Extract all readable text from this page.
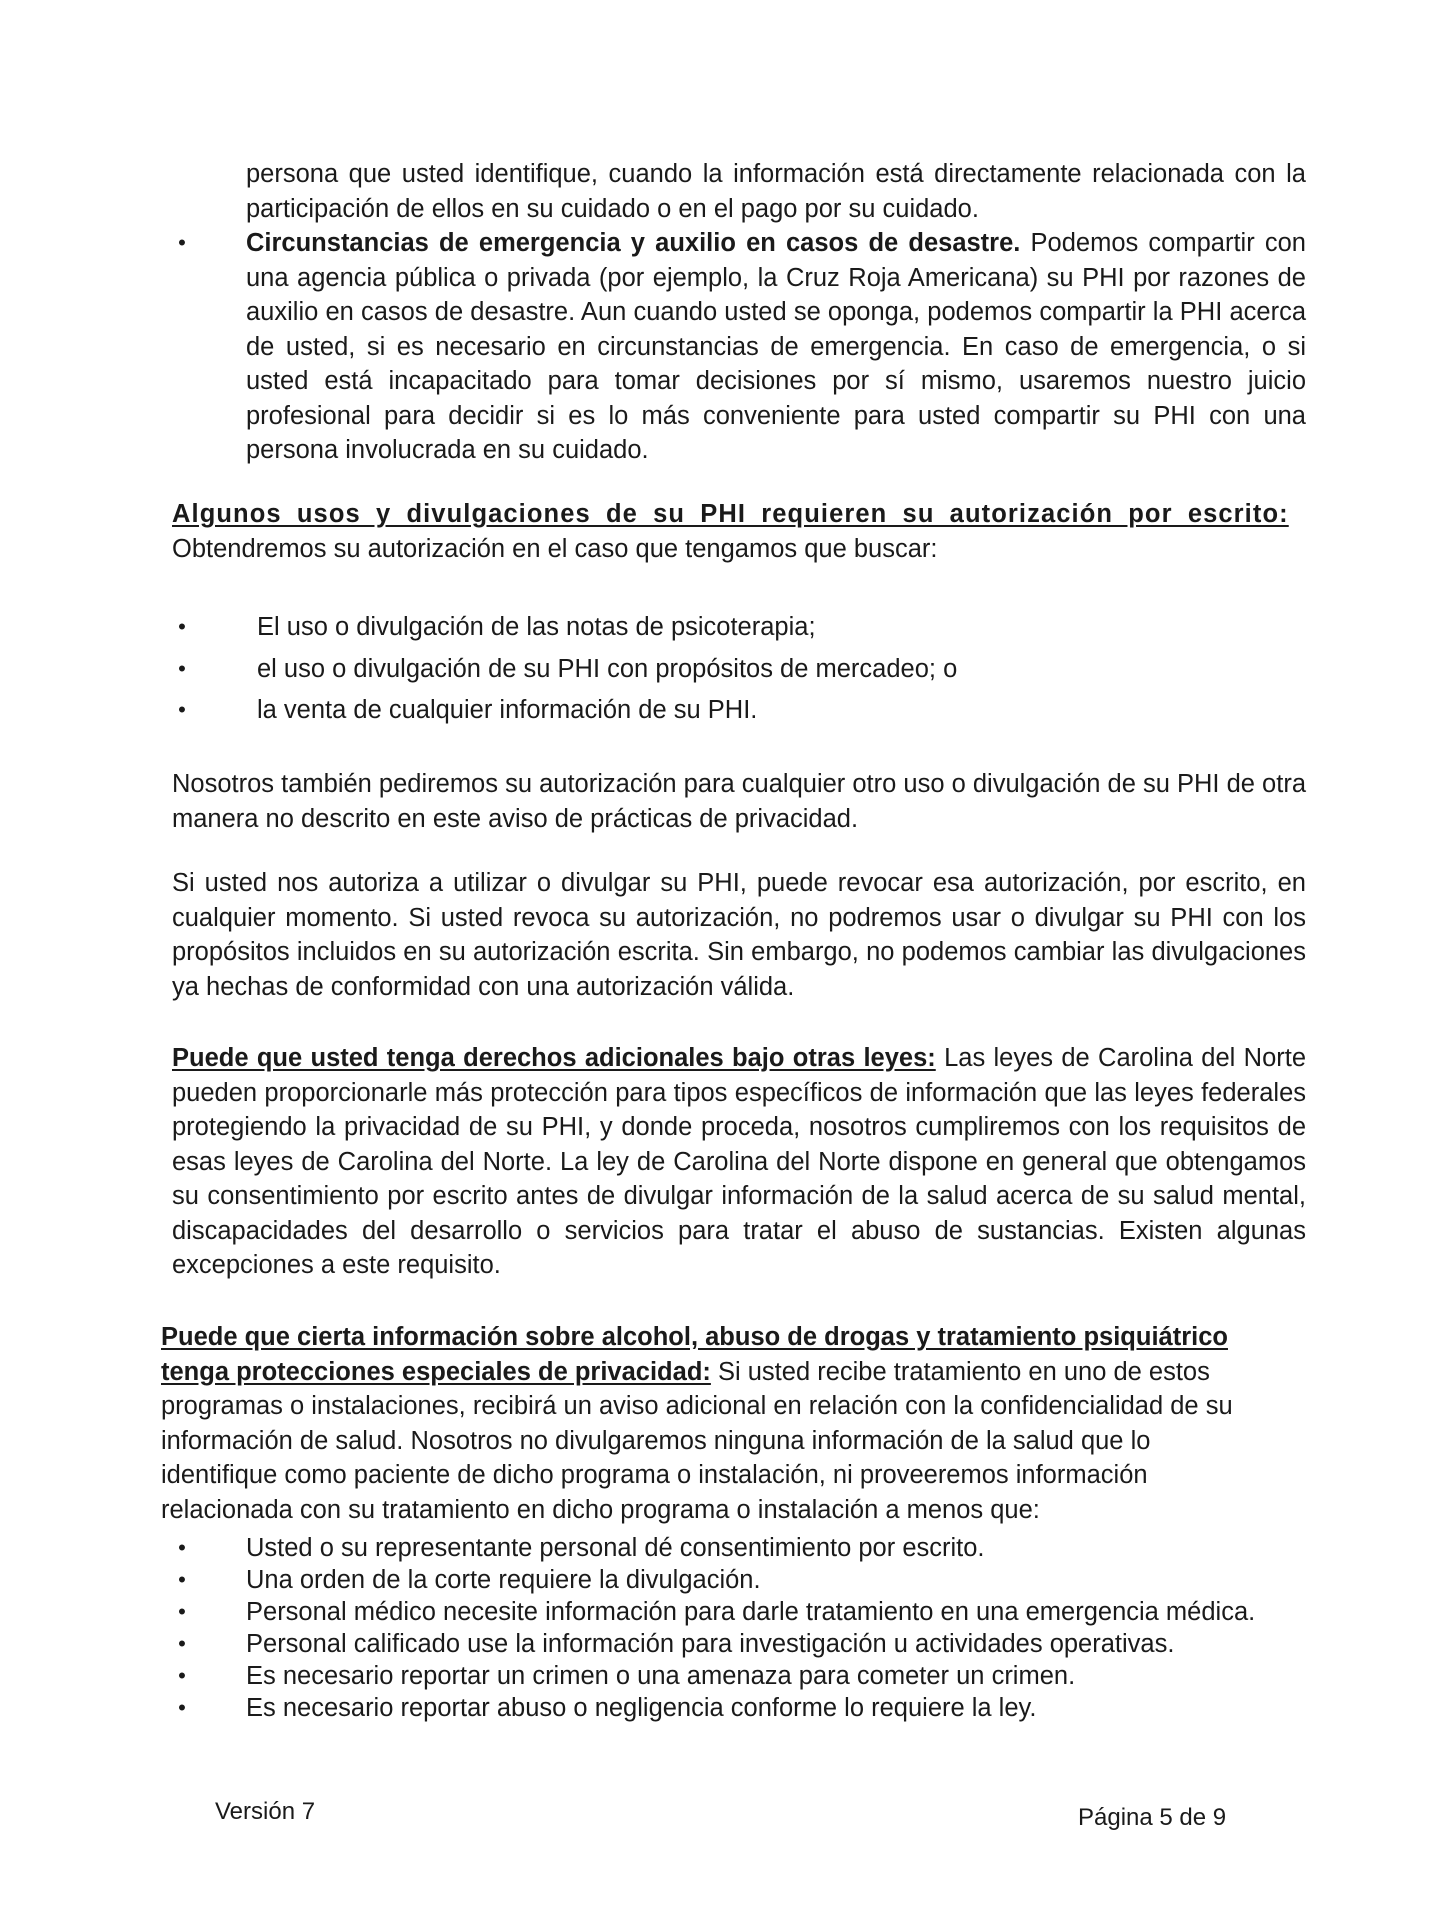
persona que usted identifique, cuando la información está directamente relacionada con la participación de ellos en su cuidado o en el pago por su cuidado.
• Circunstancias de emergencia y auxilio en casos de desastre. Podemos compartir con una agencia pública o privada (por ejemplo, la Cruz Roja Americana) su PHI por razones de auxilio en casos de desastre. Aun cuando usted se oponga, podemos compartir la PHI acerca de usted, si es necesario en circunstancias de emergencia. En caso de emergencia, o si usted está incapacitado para tomar decisiones por sí mismo, usaremos nuestro juicio profesional para decidir si es lo más conveniente para usted compartir su PHI con una persona involucrada en su cuidado.
Algunos usos y divulgaciones de su PHI requieren su autorización por escrito:
Obtendremos su autorización en el caso que tengamos que buscar:
•	El uso o divulgación de las notas de psicoterapia;
•	el uso o divulgación de su PHI con propósitos de mercadeo; o
•	la venta de cualquier información de su PHI.
Nosotros también pediremos su autorización para cualquier otro uso o divulgación de su PHI de otra manera no descrito en este aviso de prácticas de privacidad.
Si usted nos autoriza a utilizar o divulgar su PHI, puede revocar esa autorización, por escrito, en cualquier momento. Si usted revoca su autorización, no podremos usar o divulgar su PHI con los propósitos incluidos en su autorización escrita. Sin embargo, no podemos cambiar las divulgaciones ya hechas de conformidad con una autorización válida.
Puede que usted tenga derechos adicionales bajo otras leyes: Las leyes de Carolina del Norte pueden proporcionarle más protección para tipos específicos de información que las leyes federales protegiendo la privacidad de su PHI, y donde proceda, nosotros cumpliremos con los requisitos de esas leyes de Carolina del Norte. La ley de Carolina del Norte dispone en general que obtengamos su consentimiento por escrito antes de divulgar información de la salud acerca de su salud mental, discapacidades del desarrollo o servicios para tratar el abuso de sustancias. Existen algunas excepciones a este requisito.
Puede que cierta información sobre alcohol, abuso de drogas y tratamiento psiquiátrico tenga protecciones especiales de privacidad: Si usted recibe tratamiento en uno de estos programas o instalaciones, recibirá un aviso adicional en relación con la confidencialidad de su información de salud. Nosotros no divulgaremos ninguna información de la salud que lo identifique como paciente de dicho programa o instalación, ni proveeremos información relacionada con su tratamiento en dicho programa o instalación a menos que:
• Usted o su representante personal dé consentimiento por escrito.
• Una orden de la corte requiere la divulgación.
• Personal médico necesite información para darle tratamiento en una emergencia médica.
• Personal calificado use la información para investigación u actividades operativas.
• Es necesario reportar un crimen o una amenaza para cometer un crimen.
• Es necesario reportar abuso o negligencia conforme lo requiere la ley.
Versión 7	Página 5 de 9
